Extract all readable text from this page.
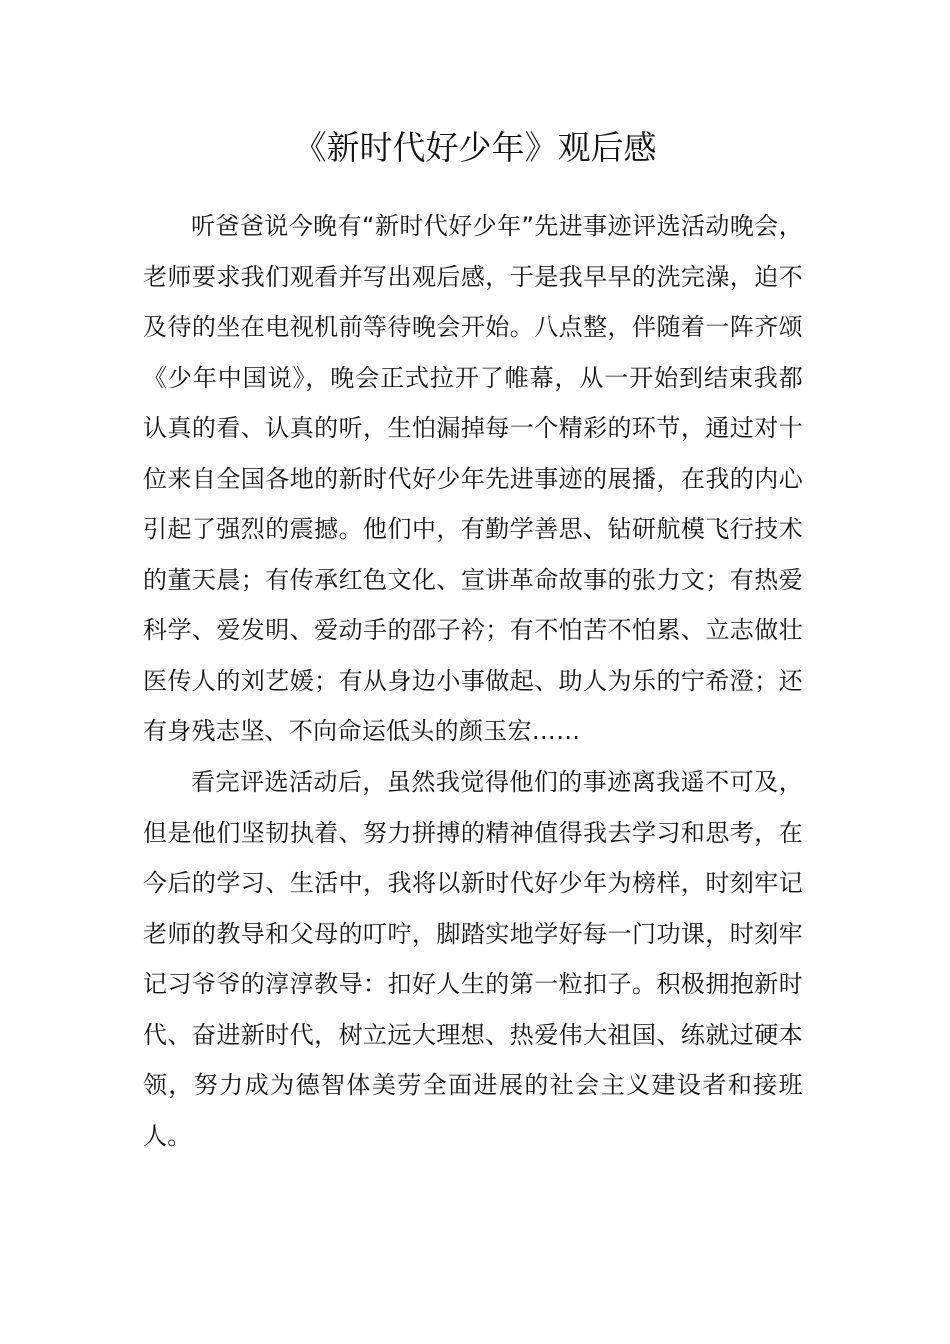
《新时代好少年》观后感

听爸爸说今晚有“新时代好少年”先进事迹评选活动晚会，老师要求我们观看并写出观后感，于是我早早的洗完澡，迫不及待的坐在电视机前等待晚会开始。八点整，伴随着一阵齐颂《少年中国说》，晚会正式拉开了帷幕，从一开始到结束我都认真的看、认真的听，生怕漏掉每一个精彩的环节，通过对十位来自全国各地的新时代好少年先进事迹的展播，在我的内心引起了强烈的震撼。他们中，有勤学善思、钻研航模飞行技术的董天晨；有传承红色文化、宣讲革命故事的张力文；有热爱科学、爱发明、爱动手的邵子衿；有不怕苦不怕累、立志做壮医传人的刘艺媛；有从身边小事做起、助人为乐的宁希澄；还有身残志坚、不向命运低头的颜玉宏……

看完评选活动后，虽然我觉得他们的事迹离我遥不可及，但是他们坚韧执着、努力拼搏的精神值得我去学习和思考，在今后的学习、生活中，我将以新时代好少年为榜样，时刻牢记老师的教导和父母的叮咛，脚踏实地学好每一门功课，时刻牢记习爷爷的淳淳教导：扣好人生的第一粒扣子。积极拥抱新时代、奋进新时代，树立远大理想、热爱伟大祖国、练就过硬本领，努力成为德智体美劳全面进展的社会主义建设者和接班人。
